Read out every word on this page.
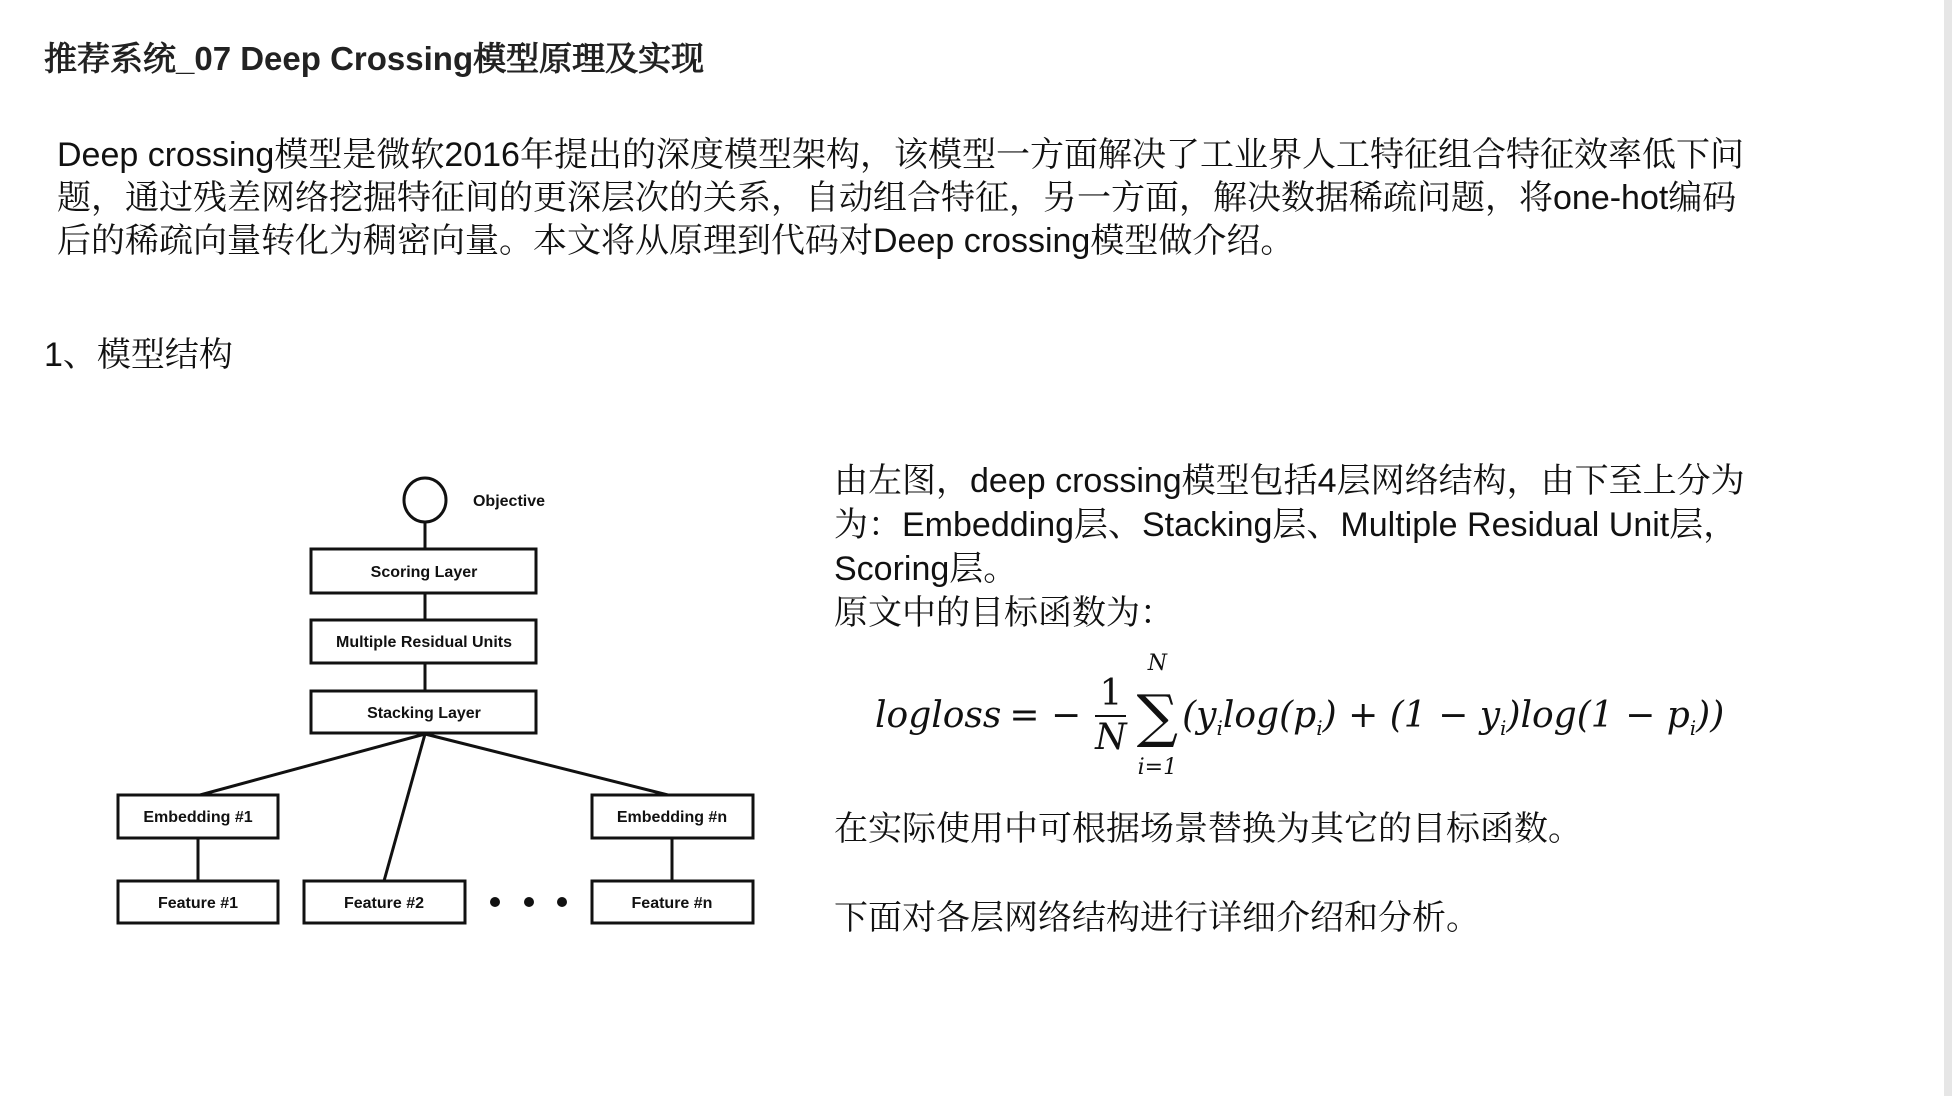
推荐系统_07 Deep Crossing模型原理及实现
Deep crossing模型是微软2016年提出的深度模型架构，该模型一方面解决了工业界人工特征组合特征效率低下问
题，通过残差网络挖掘特征间的更深层次的关系，自动组合特征，另一方面，解决数据稀疏问题，将one-hot编码
后的稀疏向量转化为稠密向量。本文将从原理到代码对Deep crossing模型做介绍。
1、模型结构
Objective
Scoring Layer
Multiple Residual Units
Stacking Layer
Embedding #1	Embedding #n
Feature #1	Feature #2	Feature #n
由左图，deep crossing模型包括4层网络结构，由下至上分为
为：Embedding层、Stacking层、Multiple Residual Unit层，
Scoring层。
原文中的目标函数为：
logloss = − $\frac{1}{N}$
N
∑
i=1
$(y_i\log(p_i) + (1 - y_i)\log(1 - p_i))$
在实际使用中可根据场景替换为其它的目标函数。
下面对各层网络结构进行详细介绍和分析。
